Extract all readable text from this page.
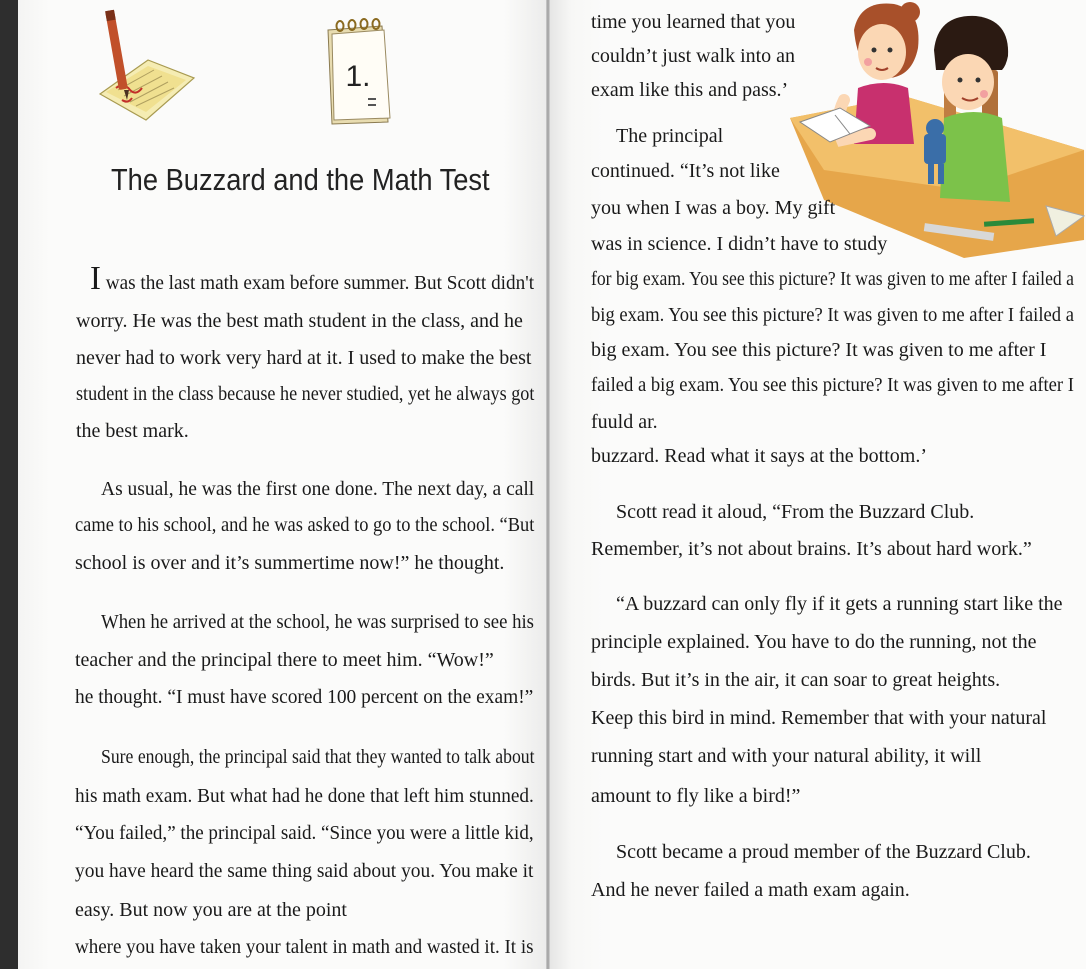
1.
The Buzzard and the Math Test
I was the last math exam before summer. But Scott didn't
worry. He was the best math student in the class, and he
never had to work very hard at it. I used to make the best
student in the class because he never studied, yet he always got
the best mark.
As usual, he was the first one done. The next day, a call
came to his school, and he was asked to go to the school. “But
school is over and it’s summertime now!” he thought.
When he arrived at the school, he was surprised to see his
teacher and the principal there to meet him. “Wow!”
he thought. “I must have scored 100 percent on the exam!”
Sure enough, the principal said that they wanted to talk about
his math exam. But what had he done that left him stunned.
“You failed,” the principal said. “Since you were a little kid,
you have heard the same thing said about you. You make it
easy. But now you are at the point
where you have taken your talent in math and wasted it. It is
time you learned that you
couldn’t just walk into an
exam like this and pass.’
The principal
continued. “It’s not like
you when I was a boy. My gift
was in science. I didn’t have to study
for big exam. You see this picture? It was given to me after I failed a
big exam. You see this picture? It was given to me after I failed a
big exam. You see this picture? It was given to me after I
failed a big exam. You see this picture? It was given to me after I
fuuld ar.
buzzard. Read what it says at the bottom.’
Scott read it aloud, “From the Buzzard Club.
Remember, it’s not about brains. It’s about hard work.”
“A buzzard can only fly if it gets a running start like the
principle explained. You have to do the running, not the
birds. But it’s in the air, it can soar to great heights.
Keep this bird in mind. Remember that with your natural
running start and with your natural ability, it will
amount to fly like a bird!”
Scott became a proud member of the Buzzard Club.
And he never failed a math exam again.
